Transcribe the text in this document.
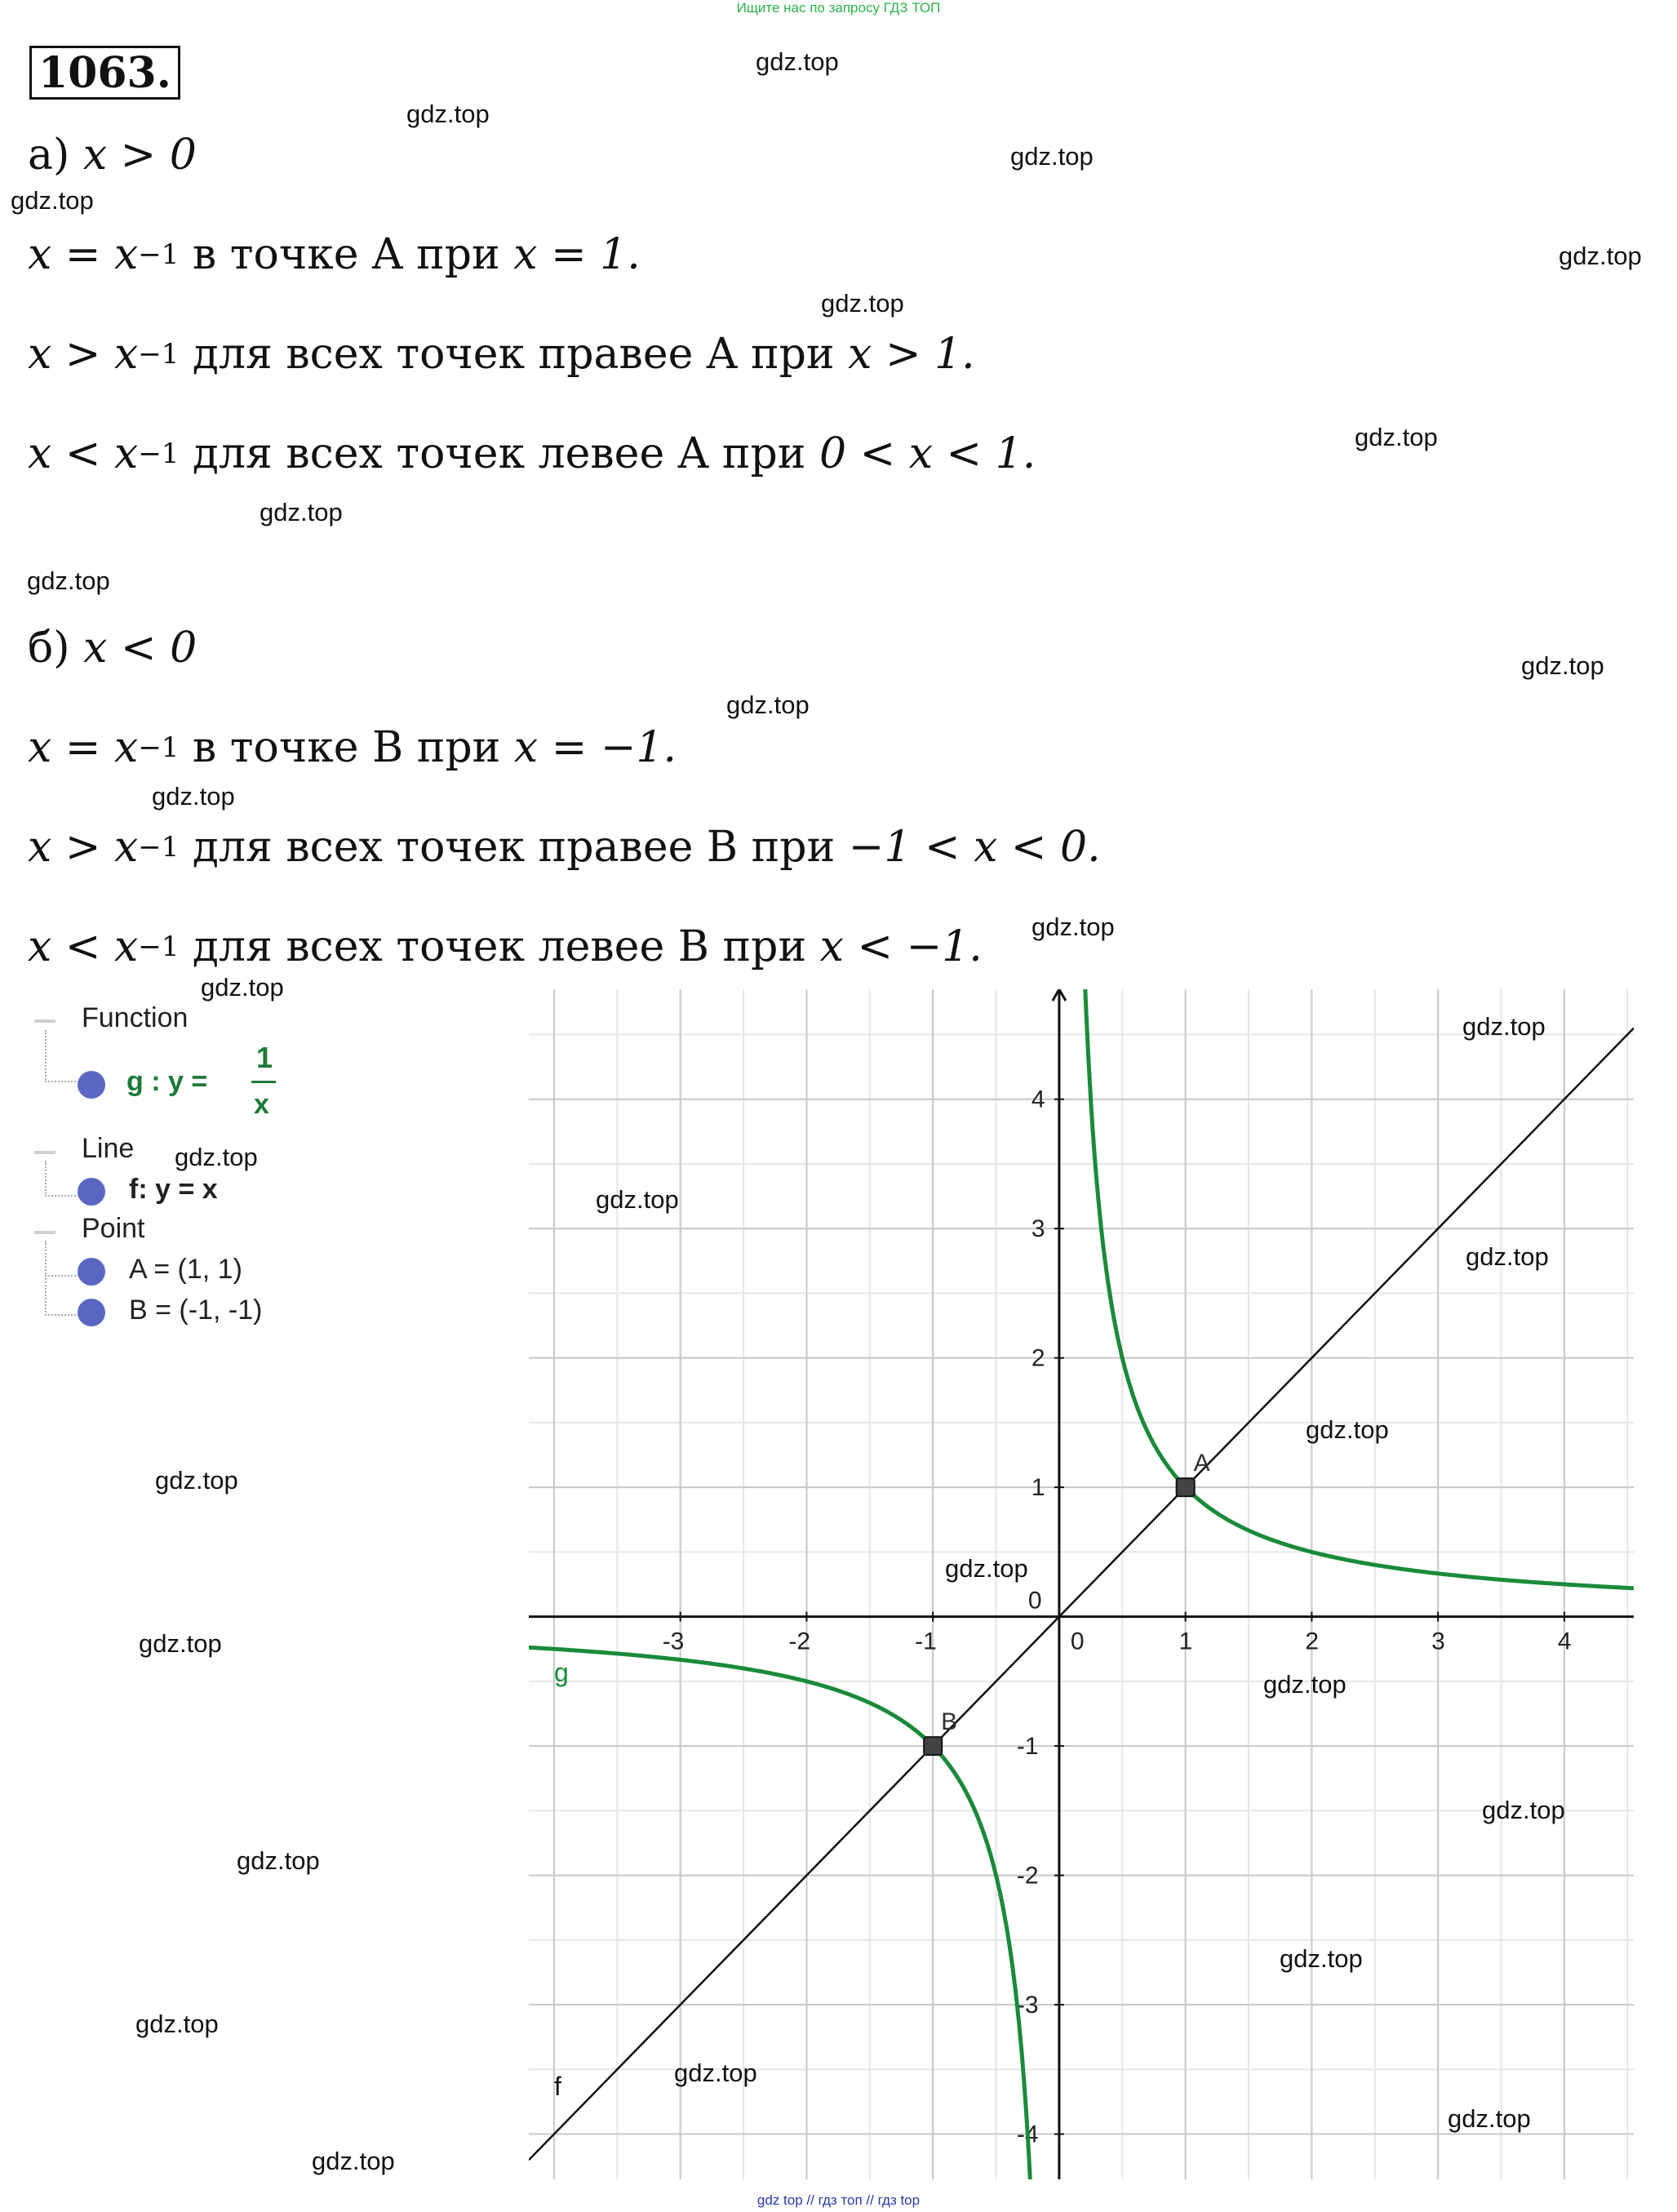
Ищите нас по запросу ГДЗ ТОП
1063.
а) x > 0
$x = x^{-1}$ в точке A при x = 1.
$x > x^{-1}$ для всех точек правее A при x > 1.
$x < x^{-1}$ для всех точек левее A при 0 < x < 1.
б) x < 0
$x = x^{-1}$ в точке B при x = −1.
$x > x^{-1}$ для всех точек правее B при −1 < x < 0.
$x < x^{-1}$ для всех точек левее B при x < −1.
Function
g : y =
1
x
Line
f: y = x
Point
A = (1, 1)
B = (-1, -1)
-3	-2	-1	1	2	3	4
-4
-3
-2
-1
1
2
3
4
0
0
g
f
A
B
gdz.top
gdz.top
gdz.top
gdz.top
gdz.top
gdz.top
gdz.top
gdz.top
gdz.top
gdz.top
gdz.top
gdz.top
gdz.top
gdz.top
gdz.top
gdz.top
gdz.top
gdz.top
gdz.top
gdz.top
gdz.top
gdz.top
gdz.top
gdz.top
gdz.top
gdz.top
gdz.top
gdz.top
gdz.top
gdz.top
gdz top // гдз топ // гдз top
